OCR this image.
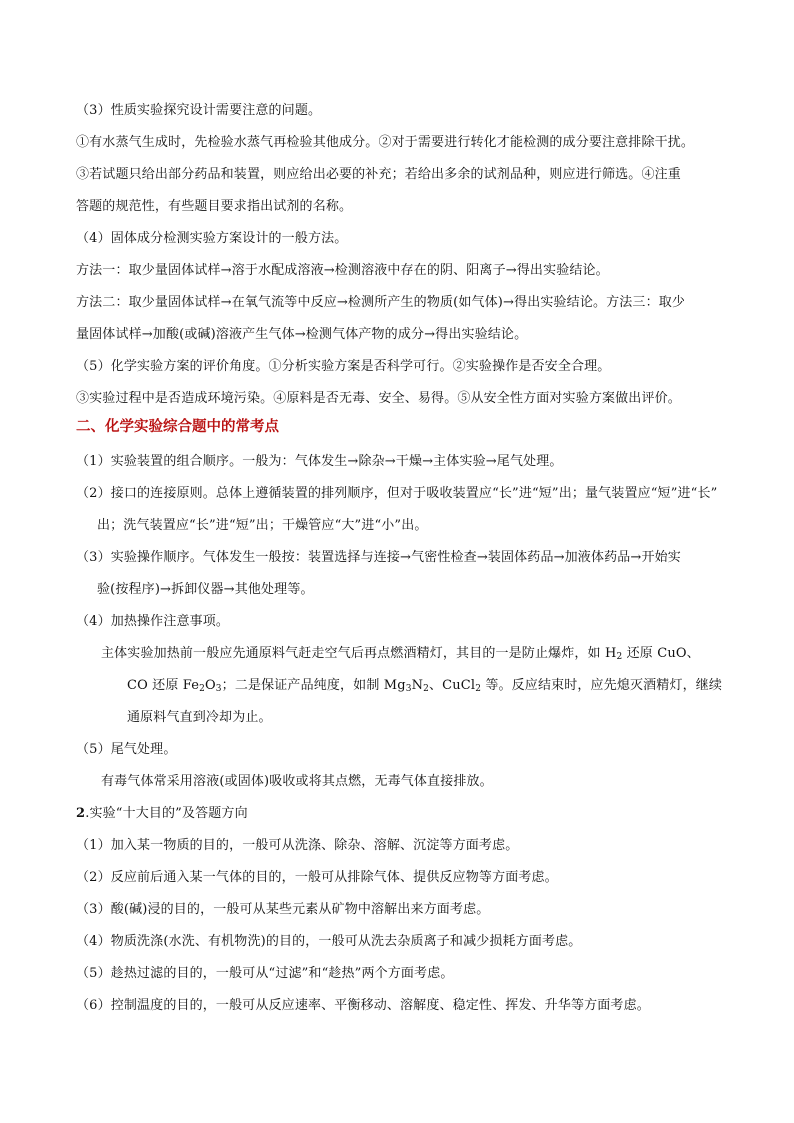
（3）性质实验探究设计需要注意的问题。
①有水蒸气生成时，先检验水蒸气再检验其他成分。②对于需要进行转化才能检测的成分要注意排除干扰。
③若试题只给出部分药品和装置，则应给出必要的补充；若给出多余的试剂品种，则应进行筛选。④注重
答题的规范性，有些题目要求指出试剂的名称。
（4）固体成分检测实验方案设计的一般方法。
方法一：取少量固体试样→溶于水配成溶液→检测溶液中存在的阴、阳离子→得出实验结论。
方法二：取少量固体试样→在氧气流等中反应→检测所产生的物质(如气体)→得出实验结论。方法三：取少
量固体试样→加酸(或碱)溶液产生气体→检测气体产物的成分→得出实验结论。
（5）化学实验方案的评价角度。①分析实验方案是否科学可行。②实验操作是否安全合理。
③实验过程中是否造成环境污染。④原料是否无毒、安全、易得。⑤从安全性方面对实验方案做出评价。
二、化学实验综合题中的常考点
（1）实验装置的组合顺序。一般为：气体发生→除杂→干燥→主体实验→尾气处理。
（2）接口的连接原则。总体上遵循装置的排列顺序，但对于吸收装置应“长”进“短”出；量气装置应“短”进“长”
出；洗气装置应“长”进“短”出；干燥管应“大”进“小”出。
（3）实验操作顺序。气体发生一般按：装置选择与连接→气密性检查→装固体药品→加液体药品→开始实
验(按程序)→拆卸仪器→其他处理等。
（4）加热操作注意事项。
主体实验加热前一般应先通原料气赶走空气后再点燃酒精灯，其目的一是防止爆炸，如 $H_2$ 还原 CuO、
CO 还原 $Fe_2O_3$；二是保证产品纯度，如制 $Mg_3N_2$、CuCl$_2$ 等。反应结束时，应先熄灭酒精灯，继续
通原料气直到冷却为止。
（5）尾气处理。
有毒气体常采用溶液(或固体)吸收或将其点燃，无毒气体直接排放。
2.实验“十大目的”及答题方向
（1）加入某一物质的目的，一般可从洗涤、除杂、溶解、沉淀等方面考虑。
（2）反应前后通入某一气体的目的，一般可从排除气体、提供反应物等方面考虑。
（3）酸(碱)浸的目的，一般可从某些元素从矿物中溶解出来方面考虑。
（4）物质洗涤(水洗、有机物洗)的目的，一般可从洗去杂质离子和减少损耗方面考虑。
（5）趁热过滤的目的，一般可从“过滤”和“趁热”两个方面考虑。
（6）控制温度的目的，一般可从反应速率、平衡移动、溶解度、稳定性、挥发、升华等方面考虑。
